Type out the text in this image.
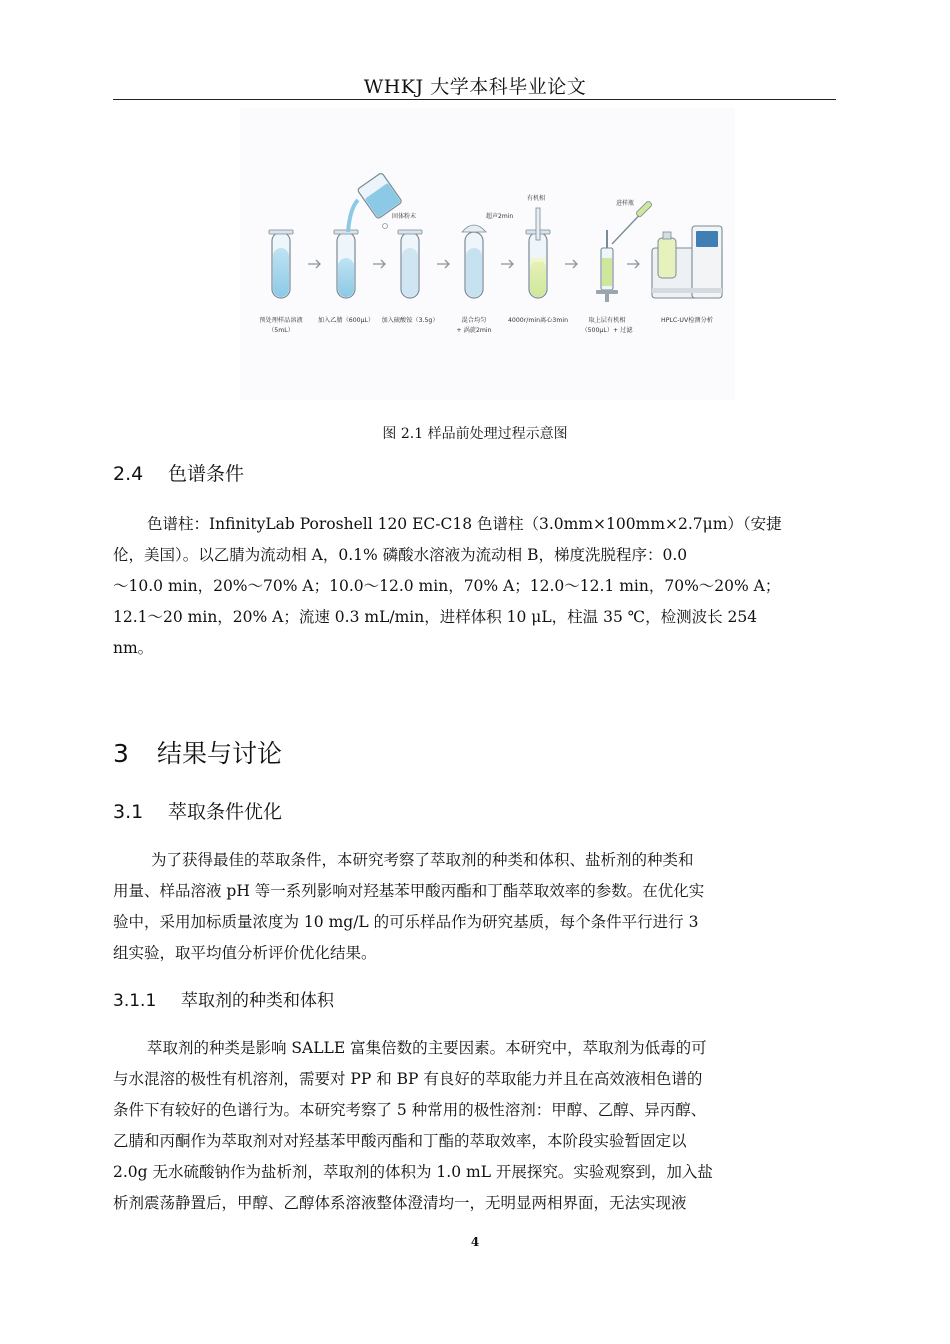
WHKJ 大学本科毕业论文
固体粉末	超声2min
有机相
进样瓶
预处理样品溶液
（5mL）
加入乙腈（600μL） 加入硫酸铵（3.5g）	混合均匀
+ 涡旋2min
4000r/min离心3min	取上层有机相
（500μL）+ 过滤
HPLC-UV检测分析
图 2.1 样品前处理过程示意图
2.4 色谱条件
色谱柱：InfinityLab Poroshell 120 EC-C18 色谱柱（3.0mm×100mm×2.7μm）（安捷
伦，美国）。以乙腈为流动相 A，0.1% 磷酸水溶液为流动相 B，梯度洗脱程序：0.0
～10.0 min，20%～70% A；10.0～12.0 min，70% A；12.0～12.1 min，70%～20% A；
12.1～20 min，20% A；流速 0.3 mL/min，进样体积 10 μL，柱温 35 ℃，检测波长 254
nm。
3 结果与讨论
3.1 萃取条件优化
为了获得最佳的萃取条件，本研究考察了萃取剂的种类和体积、盐析剂的种类和
用量、样品溶液 pH 等一系列影响对羟基苯甲酸丙酯和丁酯萃取效率的参数。在优化实
验中，采用加标质量浓度为 10 mg/L 的可乐样品作为研究基质，每个条件平行进行 3
组实验，取平均值分析评价优化结果。
3.1.1 萃取剂的种类和体积
萃取剂的种类是影响 SALLE 富集倍数的主要因素。本研究中，萃取剂为低毒的可
与水混溶的极性有机溶剂，需要对 PP 和 BP 有良好的萃取能力并且在高效液相色谱的
条件下有较好的色谱行为。本研究考察了 5 种常用的极性溶剂：甲醇、乙醇、异丙醇、
乙腈和丙酮作为萃取剂对对羟基苯甲酸丙酯和丁酯的萃取效率，本阶段实验暂固定以
2.0g 无水硫酸钠作为盐析剂，萃取剂的体积为 1.0 mL 开展探究。实验观察到，加入盐
析剂震荡静置后，甲醇、乙醇体系溶液整体澄清均一，无明显两相界面，无法实现液
4
